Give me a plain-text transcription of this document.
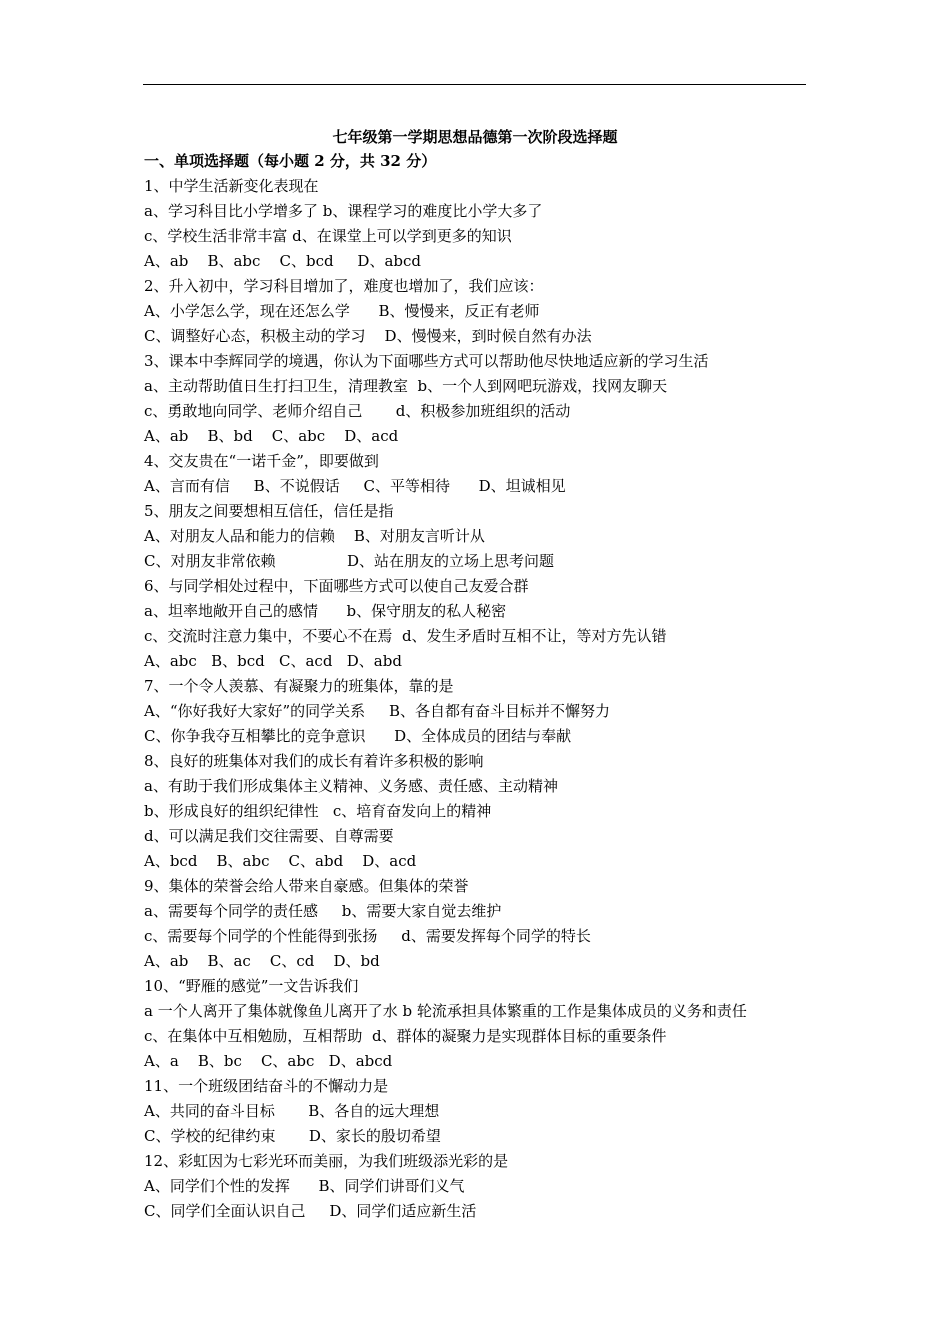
七年级第一学期思想品德第一次阶段选择题
一、单项选择题（每小题 2 分，共 32 分）
1、中学生活新变化表现在
a、学习科目比小学增多了 b、课程学习的难度比小学大多了
c、学校生活非常丰富 d、在课堂上可以学到更多的知识
A、ab    B、abc    C、bcd     D、abcd
2、升入初中，学习科目增加了，难度也增加了，我们应该：
A、小学怎么学，现在还怎么学      B、慢慢来，反正有老师
C、调整好心态，积极主动的学习    D、慢慢来，到时候自然有办法
3、课本中李辉同学的境遇，你认为下面哪些方式可以帮助他尽快地适应新的学习生活
a、主动帮助值日生打扫卫生，清理教室  b、一个人到网吧玩游戏，找网友聊天
c、勇敢地向同学、老师介绍自己       d、积极参加班组织的活动
A、ab    B、bd    C、abc    D、acd
4、交友贵在“一诺千金”，即要做到
A、言而有信     B、不说假话     C、平等相待      D、坦诚相见
5、朋友之间要想相互信任，信任是指
A、对朋友人品和能力的信赖    B、对朋友言听计从
C、对朋友非常依赖               D、站在朋友的立场上思考问题
6、与同学相处过程中，下面哪些方式可以使自己友爱合群
a、坦率地敞开自己的感情      b、保守朋友的私人秘密
c、交流时注意力集中，不要心不在焉  d、发生矛盾时互相不让，等对方先认错
A、abc   B、bcd   C、acd   D、abd
7、一个令人羡慕、有凝聚力的班集体，靠的是
A、“你好我好大家好”的同学关系     B、各自都有奋斗目标并不懈努力
C、你争我夺互相攀比的竞争意识      D、全体成员的团结与奉献
8、良好的班集体对我们的成长有着许多积极的影响
a、有助于我们形成集体主义精神、义务感、责任感、主动精神
b、形成良好的组织纪律性   c、培育奋发向上的精神
d、可以满足我们交往需要、自尊需要
A、bcd    B、abc    C、abd    D、acd
9、集体的荣誉会给人带来自豪感。但集体的荣誉
a、需要每个同学的责任感     b、需要大家自觉去维护
c、需要每个同学的个性能得到张扬     d、需要发挥每个同学的特长
A、ab    B、ac    C、cd    D、bd
10、“野雁的感觉”一文告诉我们
a 一个人离开了集体就像鱼儿离开了水 b 轮流承担具体繁重的工作是集体成员的义务和责任
c、在集体中互相勉励，互相帮助  d、群体的凝聚力是实现群体目标的重要条件
A、a    B、bc    C、abc   D、abcd
11、一个班级团结奋斗的不懈动力是
A、共同的奋斗目标       B、各自的远大理想
C、学校的纪律约束       D、家长的殷切希望
12、彩虹因为七彩光环而美丽，为我们班级添光彩的是
A、同学们个性的发挥      B、同学们讲哥们义气
C、同学们全面认识自己     D、同学们适应新生活
